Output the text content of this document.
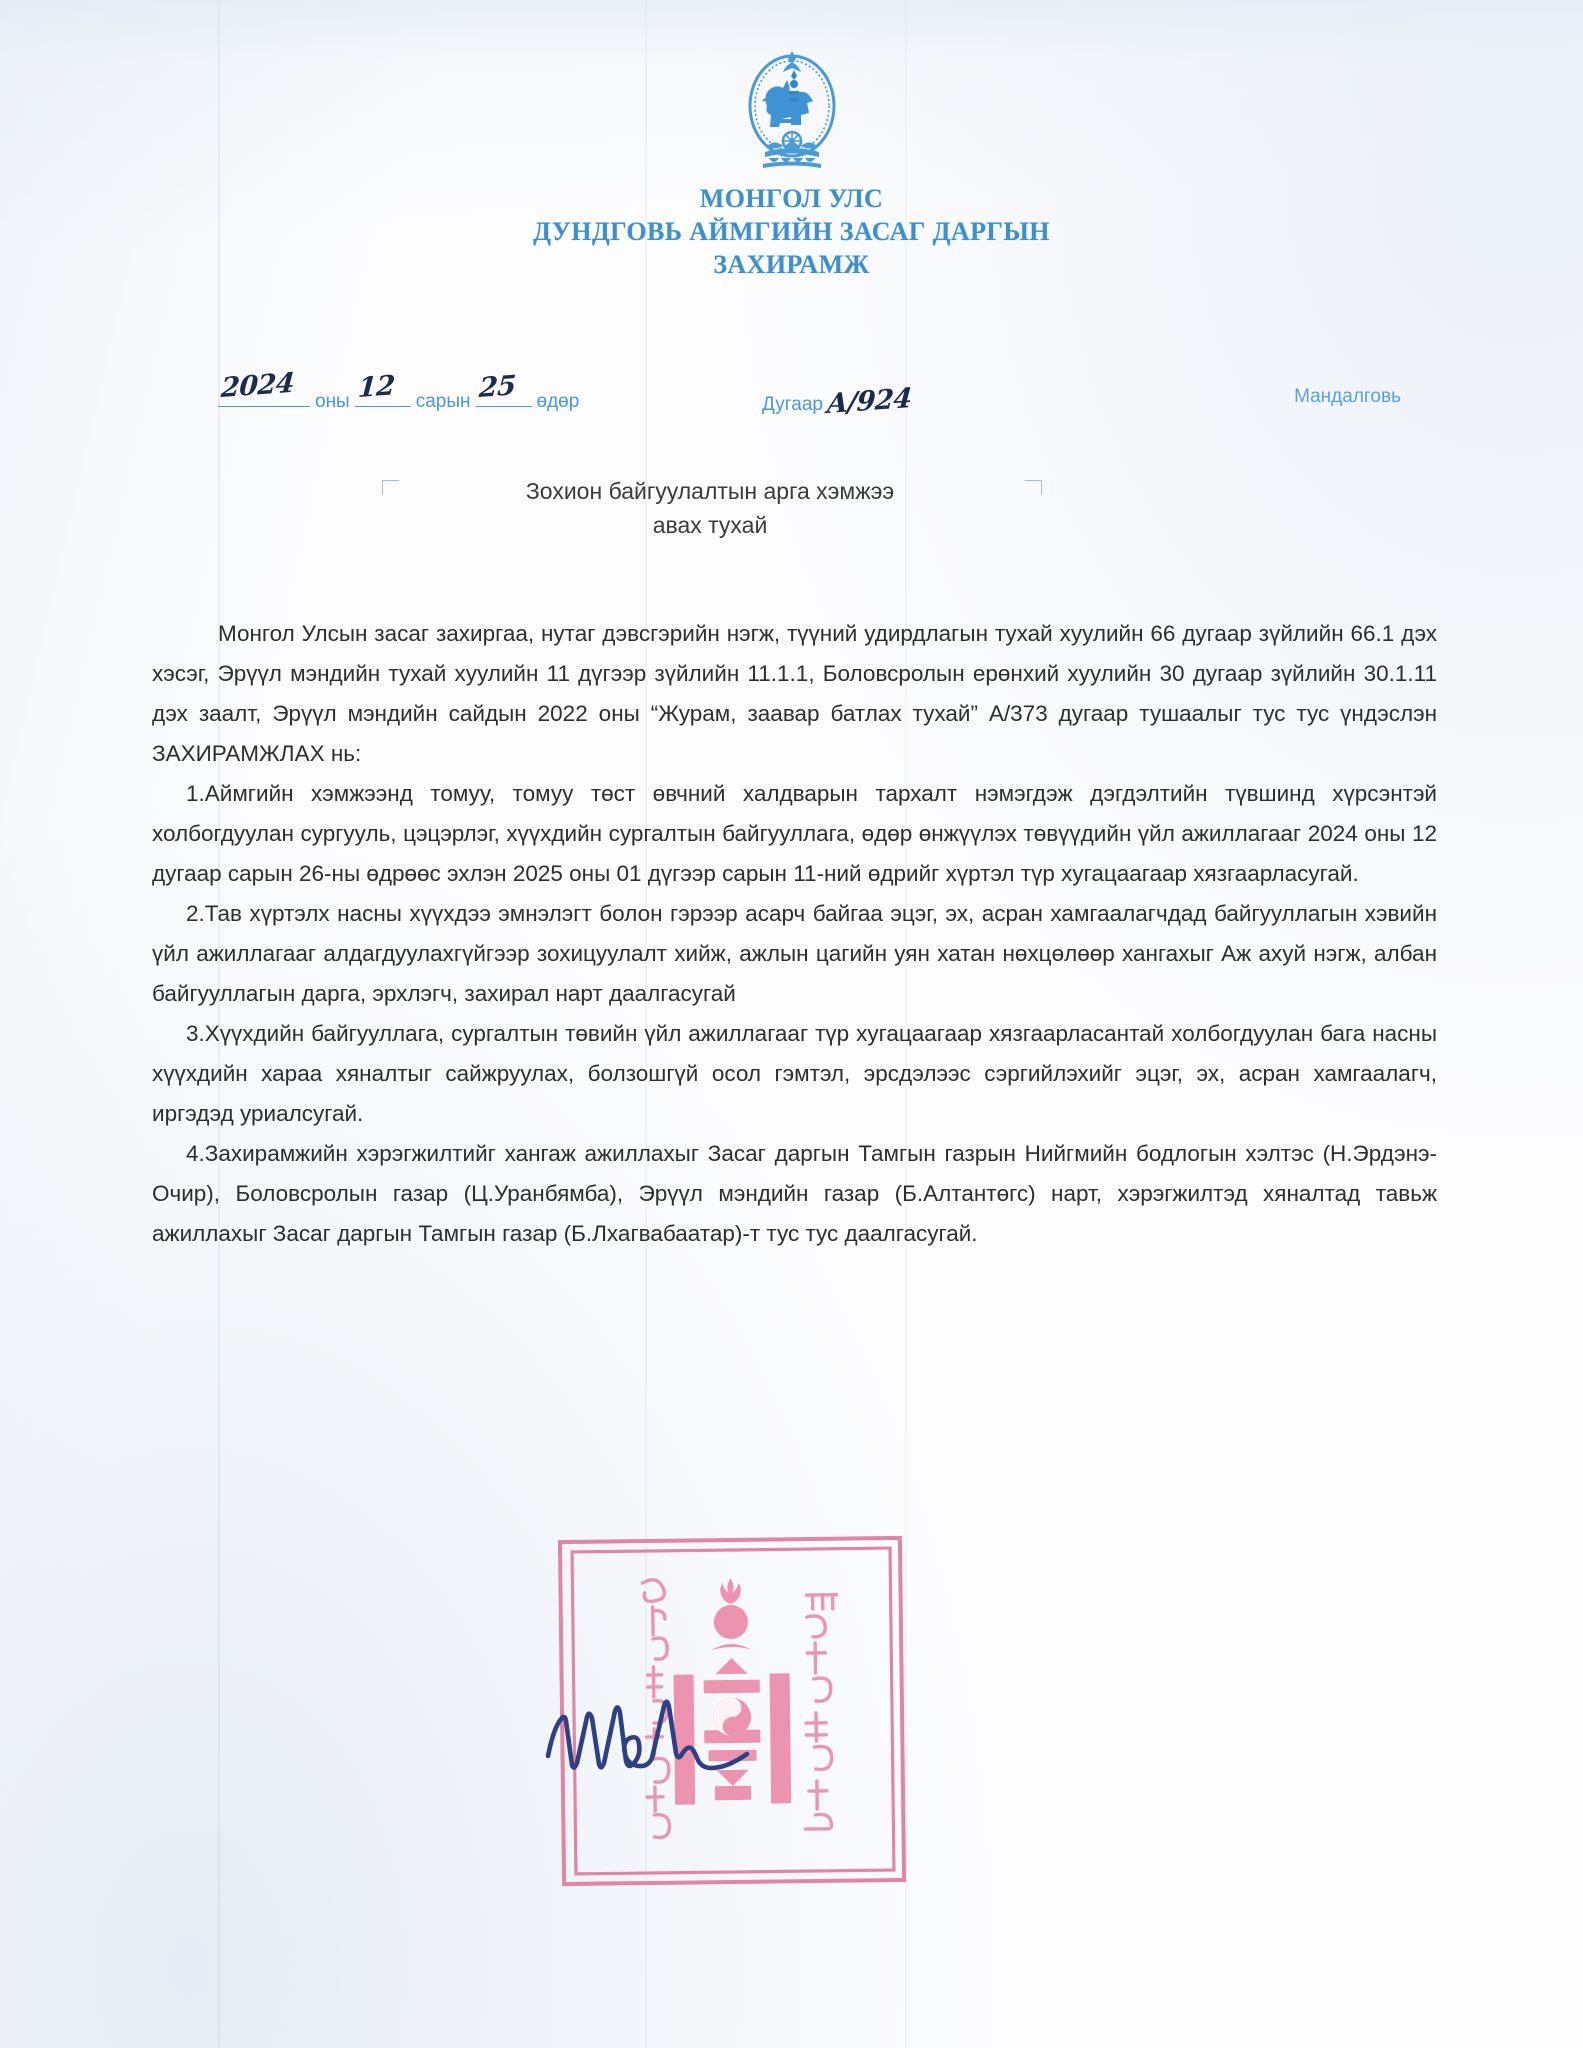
МОНГОЛ УЛС
ДУНДГОВЬ АЙМГИЙН ЗАСАГ ДАРГЫН
ЗАХИРАМЖ
2024 оны 12 сарын 25 өдөр	Дугаар A/924	Мандалговь
Зохион байгуулалтын арга хэмжээ
авах тухай

Монгол Улсын засаг захиргаа, нутаг дэвсгэрийн нэгж, түүний удирдлагын тухай хуулийн 66 дугаар зүйлийн 66.1 дэх хэсэг, Эрүүл мэндийн тухай хуулийн 11 дүгээр зүйлийн 11.1.1, Боловсролын ерөнхий хуулийн 30 дугаар зүйлийн 30.1.11 дэх заалт, Эрүүл мэндийн сайдын 2022 оны “Журам, заавар батлах тухай” А/373 дугаар тушаалыг тус тус үндэслэн ЗАХИРАМЖЛАХ нь:

1.Аймгийн хэмжээнд томуу, томуу төст өвчний халдварын тархалт нэмэгдэж дэгдэлтийн түвшинд хүрсэнтэй холбогдуулан сургууль, цэцэрлэг, хүүхдийн сургалтын байгууллага, өдөр өнжүүлэх төвүүдийн үйл ажиллагааг 2024 оны 12 дугаар сарын 26-ны өдрөөс эхлэн 2025 оны 01 дүгээр сарын 11-ний өдрийг хүртэл түр хугацаагаар хязгаарласугай.

2.Тав хүртэлх насны хүүхдээ эмнэлэгт болон гэрээр асарч байгаа эцэг, эх, асран хамгаалагчдад байгууллагын хэвийн үйл ажиллагааг алдагдуулахгүйгээр зохицуулалт хийж, ажлын цагийн уян хатан нөхцөлөөр хангахыг Аж ахуй нэгж, албан байгууллагын дарга, эрхлэгч, захирал нарт даалгасугай

3.Хүүхдийн байгууллага, сургалтын төвийн үйл ажиллагааг түр хугацаагаар хязгаарласантай холбогдуулан бага насны хүүхдийн хараа хяналтыг сайжруулах, болзошгүй осол гэмтэл, эрсдэлээс сэргийлэхийг эцэг, эх, асран хамгаалагч, иргэдэд уриалсугай.

4.Захирамжийн хэрэгжилтийг хангаж ажиллахыг Засаг даргын Тамгын газрын Нийгмийн бодлогын хэлтэс (Н.Эрдэнэ-Очир), Боловсролын газар (Ц.Уранбямба), Эрүүл мэндийн газар (Б.Алтантөгс) нарт, хэрэгжилтэд хяналтад тавьж ажиллахыг Засаг даргын Тамгын газар (Б.Лхагвабаатар)-т тус тус даалгасугай.
